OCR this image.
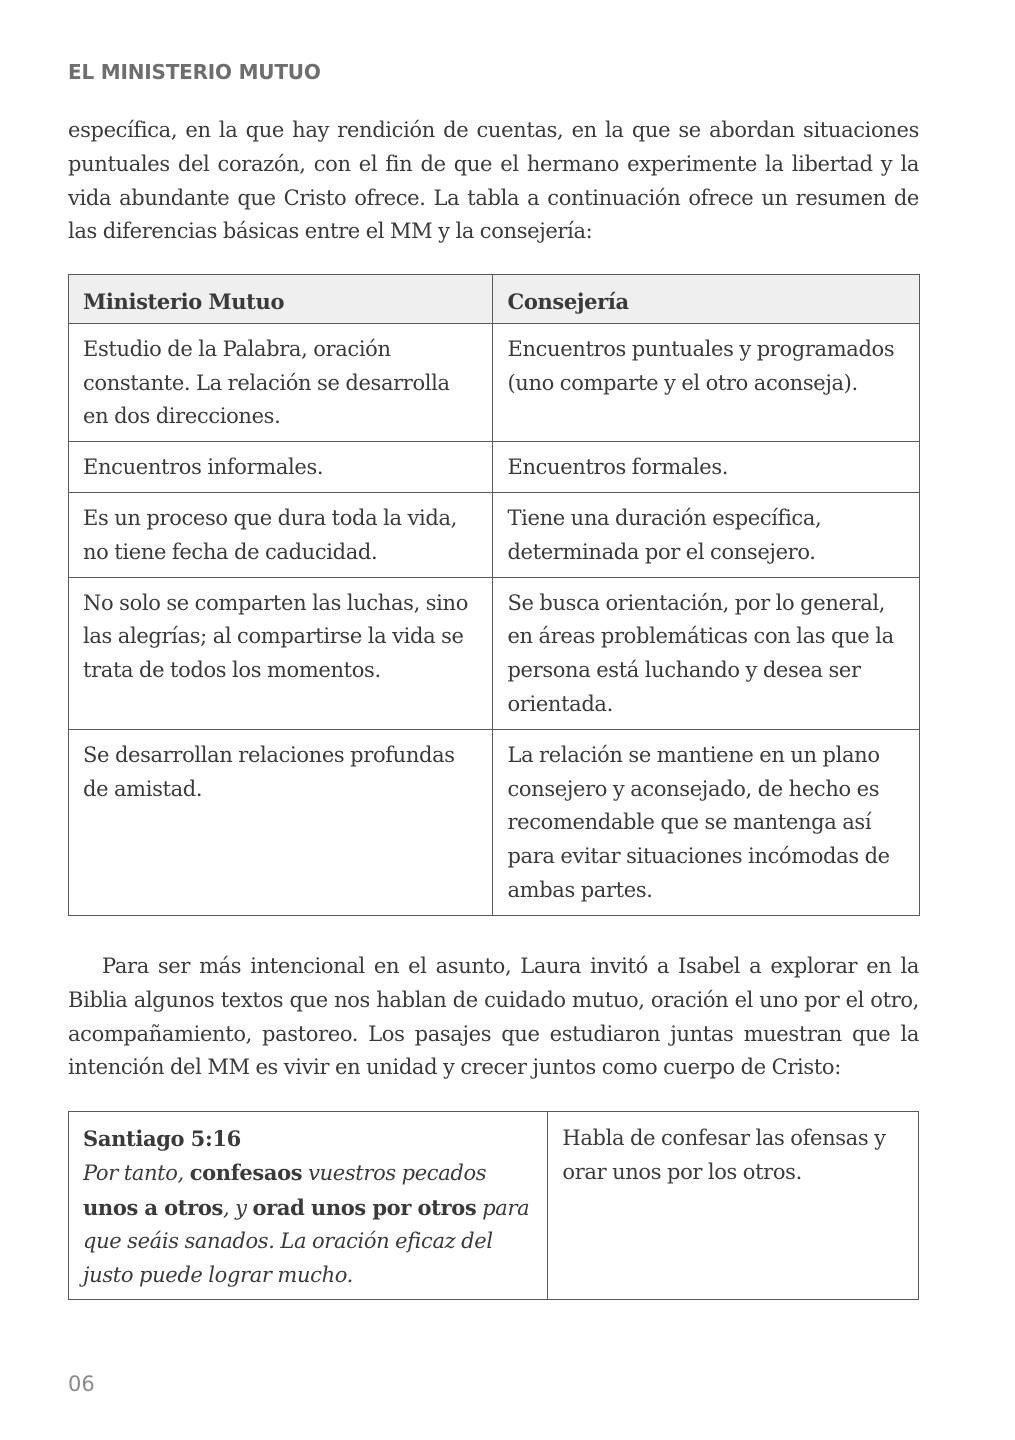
EL MINISTERIO MUTUO

específica, en la que hay rendición de cuentas, en la que se abordan situaciones puntuales del corazón, con el fin de que el hermano experimente la libertad y la vida abundante que Cristo ofrece. La tabla a continuación ofrece un resumen de las diferencias básicas entre el MM y la consejería:

Ministerio Mutuo	Consejería
Estudio de la Palabra, oración constante. La relación se desarrolla en dos direcciones.	Encuentros puntuales y programados (uno comparte y el otro aconseja).
Encuentros informales.	Encuentros formales.
Es un proceso que dura toda la vida, no tiene fecha de caducidad.	Tiene una duración específica, determinada por el consejero.
No solo se comparten las luchas, sino las alegrías; al compartirse la vida se trata de todos los momentos.	Se busca orientación, por lo general, en áreas problemáticas con las que la persona está luchando y desea ser orientada.
Se desarrollan relaciones profundas de amistad.	La relación se mantiene en un plano consejero y aconsejado, de hecho es recomendable que se mantenga así para evitar situaciones incómodas de ambas partes.

Para ser más intencional en el asunto, Laura invitó a Isabel a explorar en la Biblia algunos textos que nos hablan de cuidado mutuo, oración el uno por el otro, acompañamiento, pastoreo. Los pasajes que estudiaron juntas muestran que la intención del MM es vivir en unidad y crecer juntos como cuerpo de Cristo:

Santiago 5:16
Por tanto, confesaos vuestros pecados unos a otros, y orad unos por otros para que seáis sanados. La oración eficaz del justo puede lograr mucho.	Habla de confesar las ofensas y orar unos por los otros.
06
